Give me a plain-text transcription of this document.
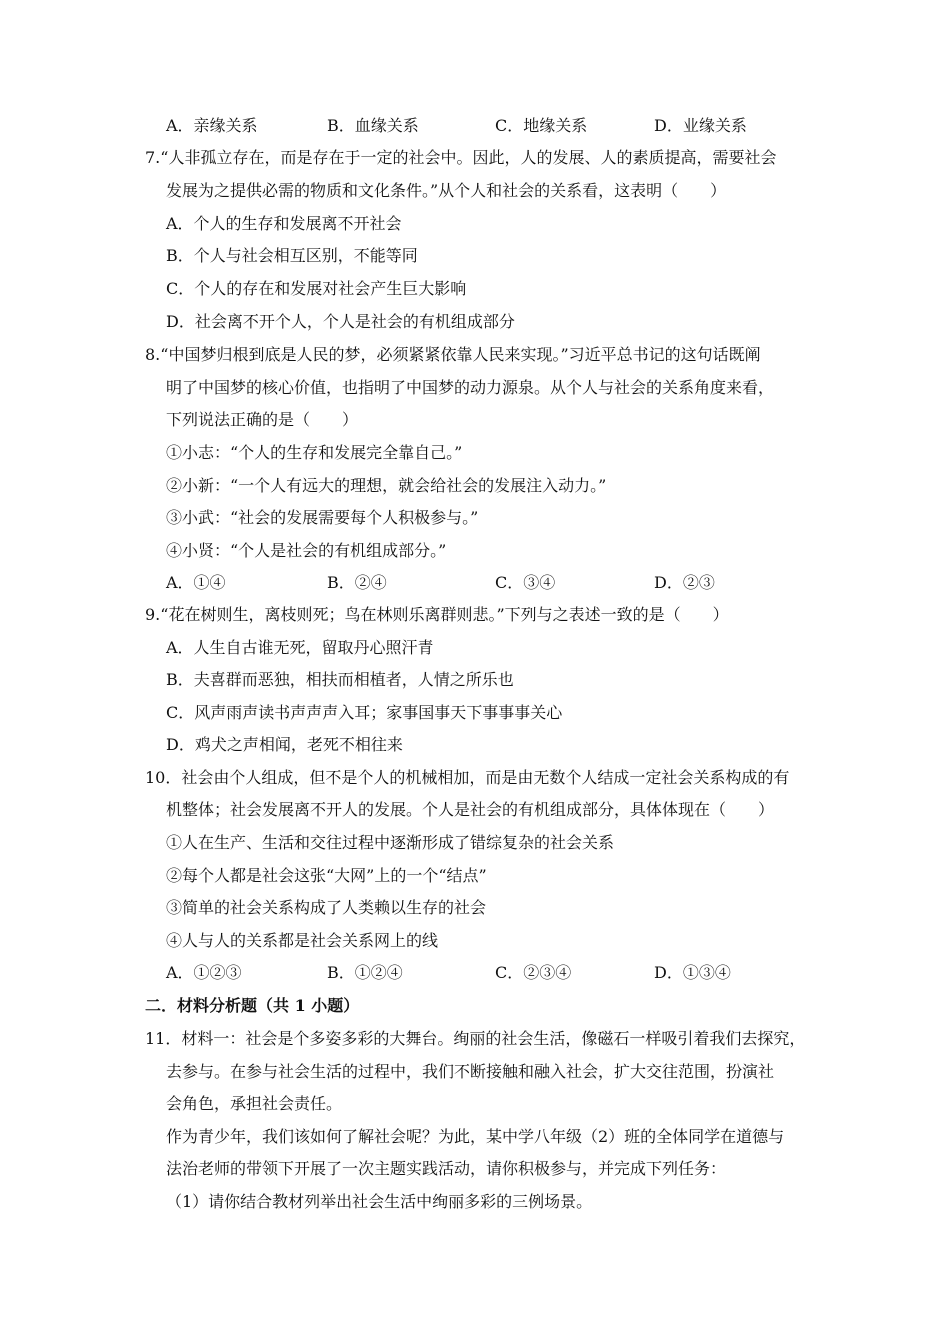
A．亲缘关系	B．血缘关系	C．地缘关系	D．业缘关系
7.“人非孤立存在，而是存在于一定的社会中。因此，人的发展、人的素质提高，需要社会
发展为之提供必需的物质和文化条件。”从个人和社会的关系看，这表明（　　）
A．个人的生存和发展离不开社会
B．个人与社会相互区别，不能等同
C．个人的存在和发展对社会产生巨大影响
D．社会离不开个人，个人是社会的有机组成部分
8.“中国梦归根到底是人民的梦，必须紧紧依靠人民来实现。”习近平总书记的这句话既阐
明了中国梦的核心价值，也指明了中国梦的动力源泉。从个人与社会的关系角度来看，
下列说法正确的是（　　）
①小志：“个人的生存和发展完全靠自己。”
②小新：“一个人有远大的理想，就会给社会的发展注入动力。”
③小武：“社会的发展需要每个人积极参与。”
④小贤：“个人是社会的有机组成部分。”
A．①④	B．②④	C．③④	D．②③
9.“花在树则生，离枝则死；鸟在林则乐离群则悲。”下列与之表述一致的是（　　）
A．人生自古谁无死，留取丹心照汗青
B．夫喜群而恶独，相扶而相植者，人情之所乐也
C．风声雨声读书声声声入耳；家事国事天下事事事关心
D．鸡犬之声相闻，老死不相往来
10．社会由个人组成，但不是个人的机械相加，而是由无数个人结成一定社会关系构成的有
机整体；社会发展离不开人的发展。个人是社会的有机组成部分，具体体现在（　　）
①人在生产、生活和交往过程中逐渐形成了错综复杂的社会关系
②每个人都是社会这张“大网”上的一个“结点”
③简单的社会关系构成了人类赖以生存的社会
④人与人的关系都是社会关系网上的线
A．①②③	B．①②④	C．②③④	D．①③④
二．材料分析题（共 1 小题）
11．材料一：社会是个多姿多彩的大舞台。绚丽的社会生活，像磁石一样吸引着我们去探究，
去参与。在参与社会生活的过程中，我们不断接触和融入社会，扩大交往范围，扮演社
会角色，承担社会责任。
作为青少年，我们该如何了解社会呢？为此，某中学八年级（2）班的全体同学在道德与
法治老师的带领下开展了一次主题实践活动，请你积极参与，并完成下列任务：
（1）请你结合教材列举出社会生活中绚丽多彩的三例场景。
